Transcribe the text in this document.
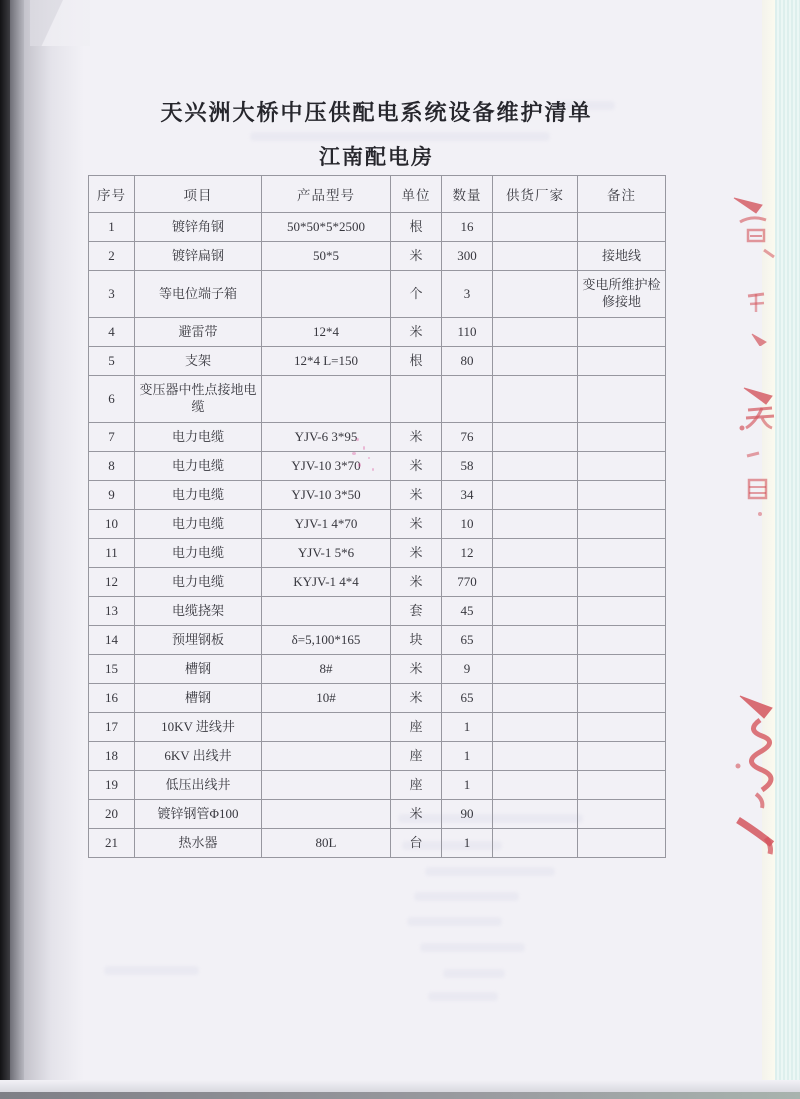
天兴洲大桥中压供配电系统设备维护清单
江南配电房
序号	项目	产品型号	单位	数量	供货厂家	备注
1	镀锌角钢	50*50*5*2500	根	16		
2	镀锌扁钢	50*5	米	300		接地线
3	等电位端子箱		个	3		变电所维护检修接地
4	避雷带	12*4	米	110		
5	支架	12*4 L=150	根	80		
6	变压器中性点接地电缆					
7	电力电缆	YJV-6 3*95	米	76		
8	电力电缆	YJV-10 3*70	米	58		
9	电力电缆	YJV-10 3*50	米	34		
10	电力电缆	YJV-1 4*70	米	10		
11	电力电缆	YJV-1 5*6	米	12		
12	电力电缆	KYJV-1 4*4	米	770		
13	电缆挠架		套	45		
14	预埋钢板	δ=5,100*165	块	65		
15	槽钢	8#	米	9		
16	槽钢	10#	米	65		
17	10KV 进线井		座	1		
18	6KV 出线井		座	1		
19	低压出线井		座	1		
20	镀锌钢管Φ100		米	90		
21	热水器	80L	台	1		
